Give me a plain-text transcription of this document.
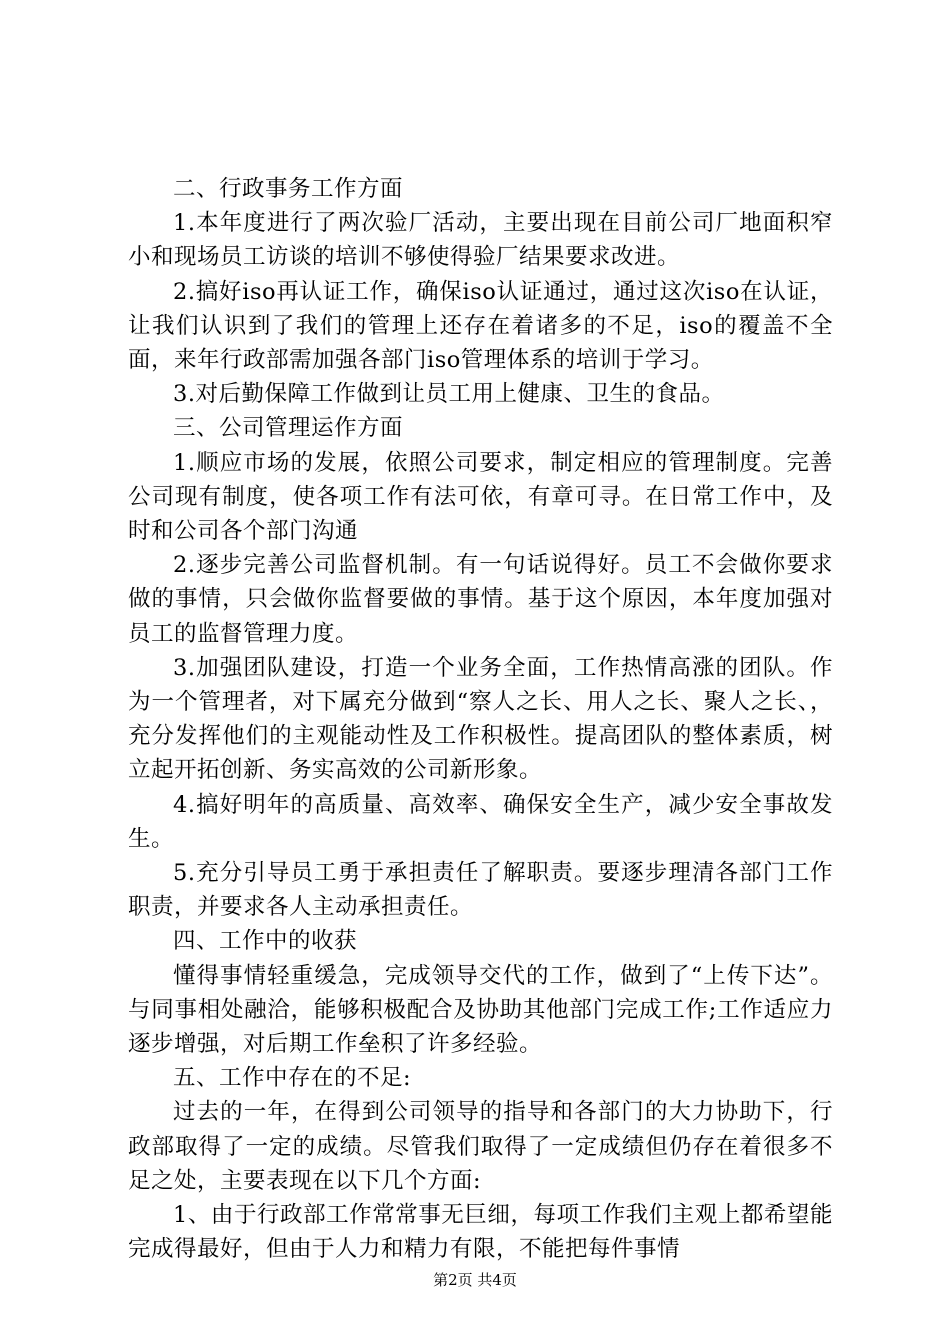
二、行政事务工作方面

1.本年度进行了两次验厂活动，主要出现在目前公司厂地面积窄小和现场员工访谈的培训不够使得验厂结果要求改进。

2.搞好iso再认证工作，确保iso认证通过，通过这次iso在认证，让我们认识到了我们的管理上还存在着诸多的不足，iso的覆盖不全面，来年行政部需加强各部门iso管理体系的培训于学习。

3.对后勤保障工作做到让员工用上健康、卫生的食品。

三、公司管理运作方面

1.顺应市场的发展，依照公司要求，制定相应的管理制度。完善公司现有制度，使各项工作有法可依，有章可寻。在日常工作中，及时和公司各个部门沟通

2.逐步完善公司监督机制。有一句话说得好。员工不会做你要求做的事情，只会做你监督要做的事情。基于这个原因，本年度加强对员工的监督管理力度。

3.加强团队建设，打造一个业务全面，工作热情高涨的团队。作为一个管理者，对下属充分做到“察人之长、用人之长、聚人之长、，充分发挥他们的主观能动性及工作积极性。提高团队的整体素质，树立起开拓创新、务实高效的公司新形象。

4.搞好明年的高质量、高效率、确保安全生产，减少安全事故发生。

5.充分引导员工勇于承担责任了解职责。要逐步理清各部门工作职责，并要求各人主动承担责任。

四、工作中的收获

懂得事情轻重缓急，完成领导交代的工作，做到了“上传下达”。与同事相处融洽，能够积极配合及协助其他部门完成工作;工作适应力逐步增强，对后期工作垒积了许多经验。

五、工作中存在的不足:

过去的一年，在得到公司领导的指导和各部门的大力协助下，行政部取得了一定的成绩。尽管我们取得了一定成绩但仍存在着很多不足之处，主要表现在以下几个方面:

1、由于行政部工作常常事无巨细，每项工作我们主观上都希望能完成得最好，但由于人力和精力有限，不能把每件事情

第2页 共4页
